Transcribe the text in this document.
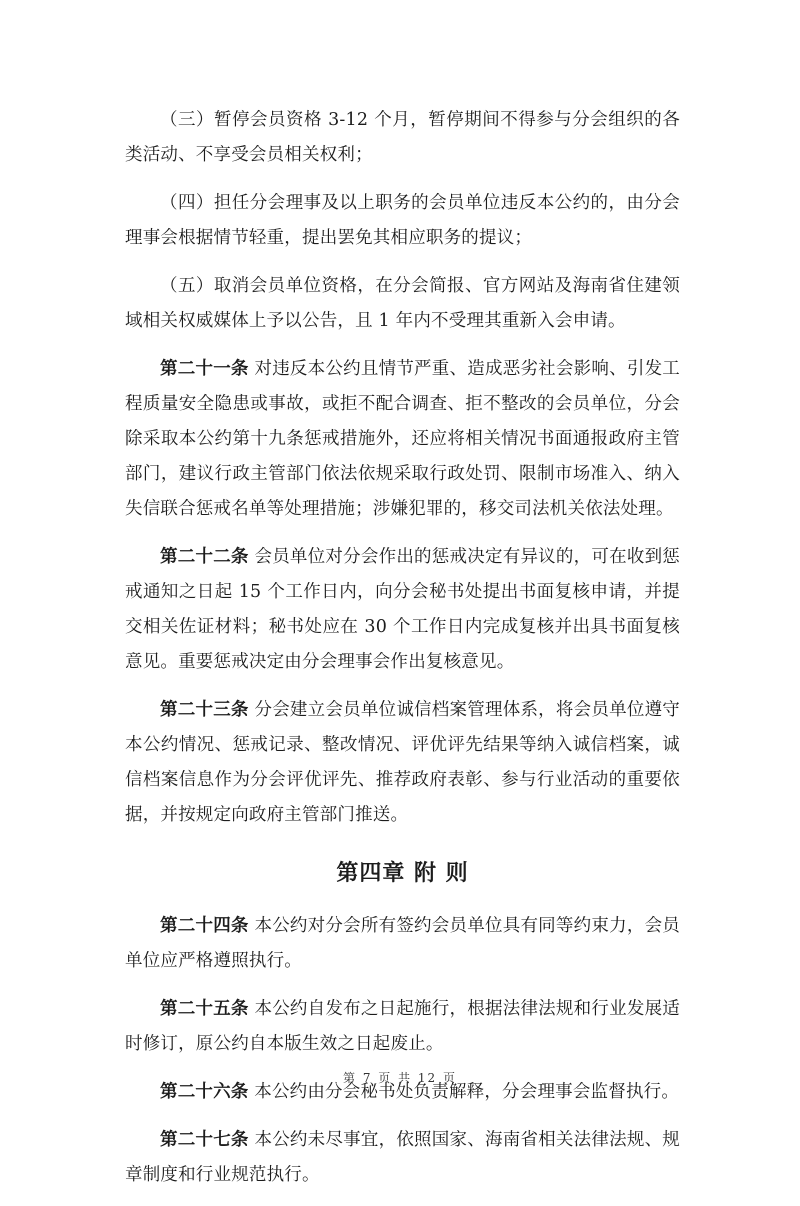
（三）暂停会员资格 3-12 个月，暂停期间不得参与分会组织的各类活动、不享受会员相关权利；

（四）担任分会理事及以上职务的会员单位违反本公约的，由分会理事会根据情节轻重，提出罢免其相应职务的提议；

（五）取消会员单位资格，在分会简报、官方网站及海南省住建领域相关权威媒体上予以公告，且 1 年内不受理其重新入会申请。

第二十一条 对违反本公约且情节严重、造成恶劣社会影响、引发工程质量安全隐患或事故，或拒不配合调查、拒不整改的会员单位，分会除采取本公约第十九条惩戒措施外，还应将相关情况书面通报政府主管部门，建议行政主管部门依法依规采取行政处罚、限制市场准入、纳入失信联合惩戒名单等处理措施；涉嫌犯罪的，移交司法机关依法处理。

第二十二条 会员单位对分会作出的惩戒决定有异议的，可在收到惩戒通知之日起 15 个工作日内，向分会秘书处提出书面复核申请，并提交相关佐证材料；秘书处应在 30 个工作日内完成复核并出具书面复核意见。重要惩戒决定由分会理事会作出复核意见。

第二十三条 分会建立会员单位诚信档案管理体系，将会员单位遵守本公约情况、惩戒记录、整改情况、评优评先结果等纳入诚信档案，诚信档案信息作为分会评优评先、推荐政府表彰、参与行业活动的重要依据，并按规定向政府主管部门推送。

第四章 附 则

第二十四条 本公约对分会所有签约会员单位具有同等约束力，会员单位应严格遵照执行。

第二十五条 本公约自发布之日起施行，根据法律法规和行业发展适时修订，原公约自本版生效之日起废止。

第二十六条 本公约由分会秘书处负责解释，分会理事会监督执行。

第二十七条 本公约未尽事宜，依照国家、海南省相关法律法规、规章制度和行业规范执行。

第 7 页 共 12 页
